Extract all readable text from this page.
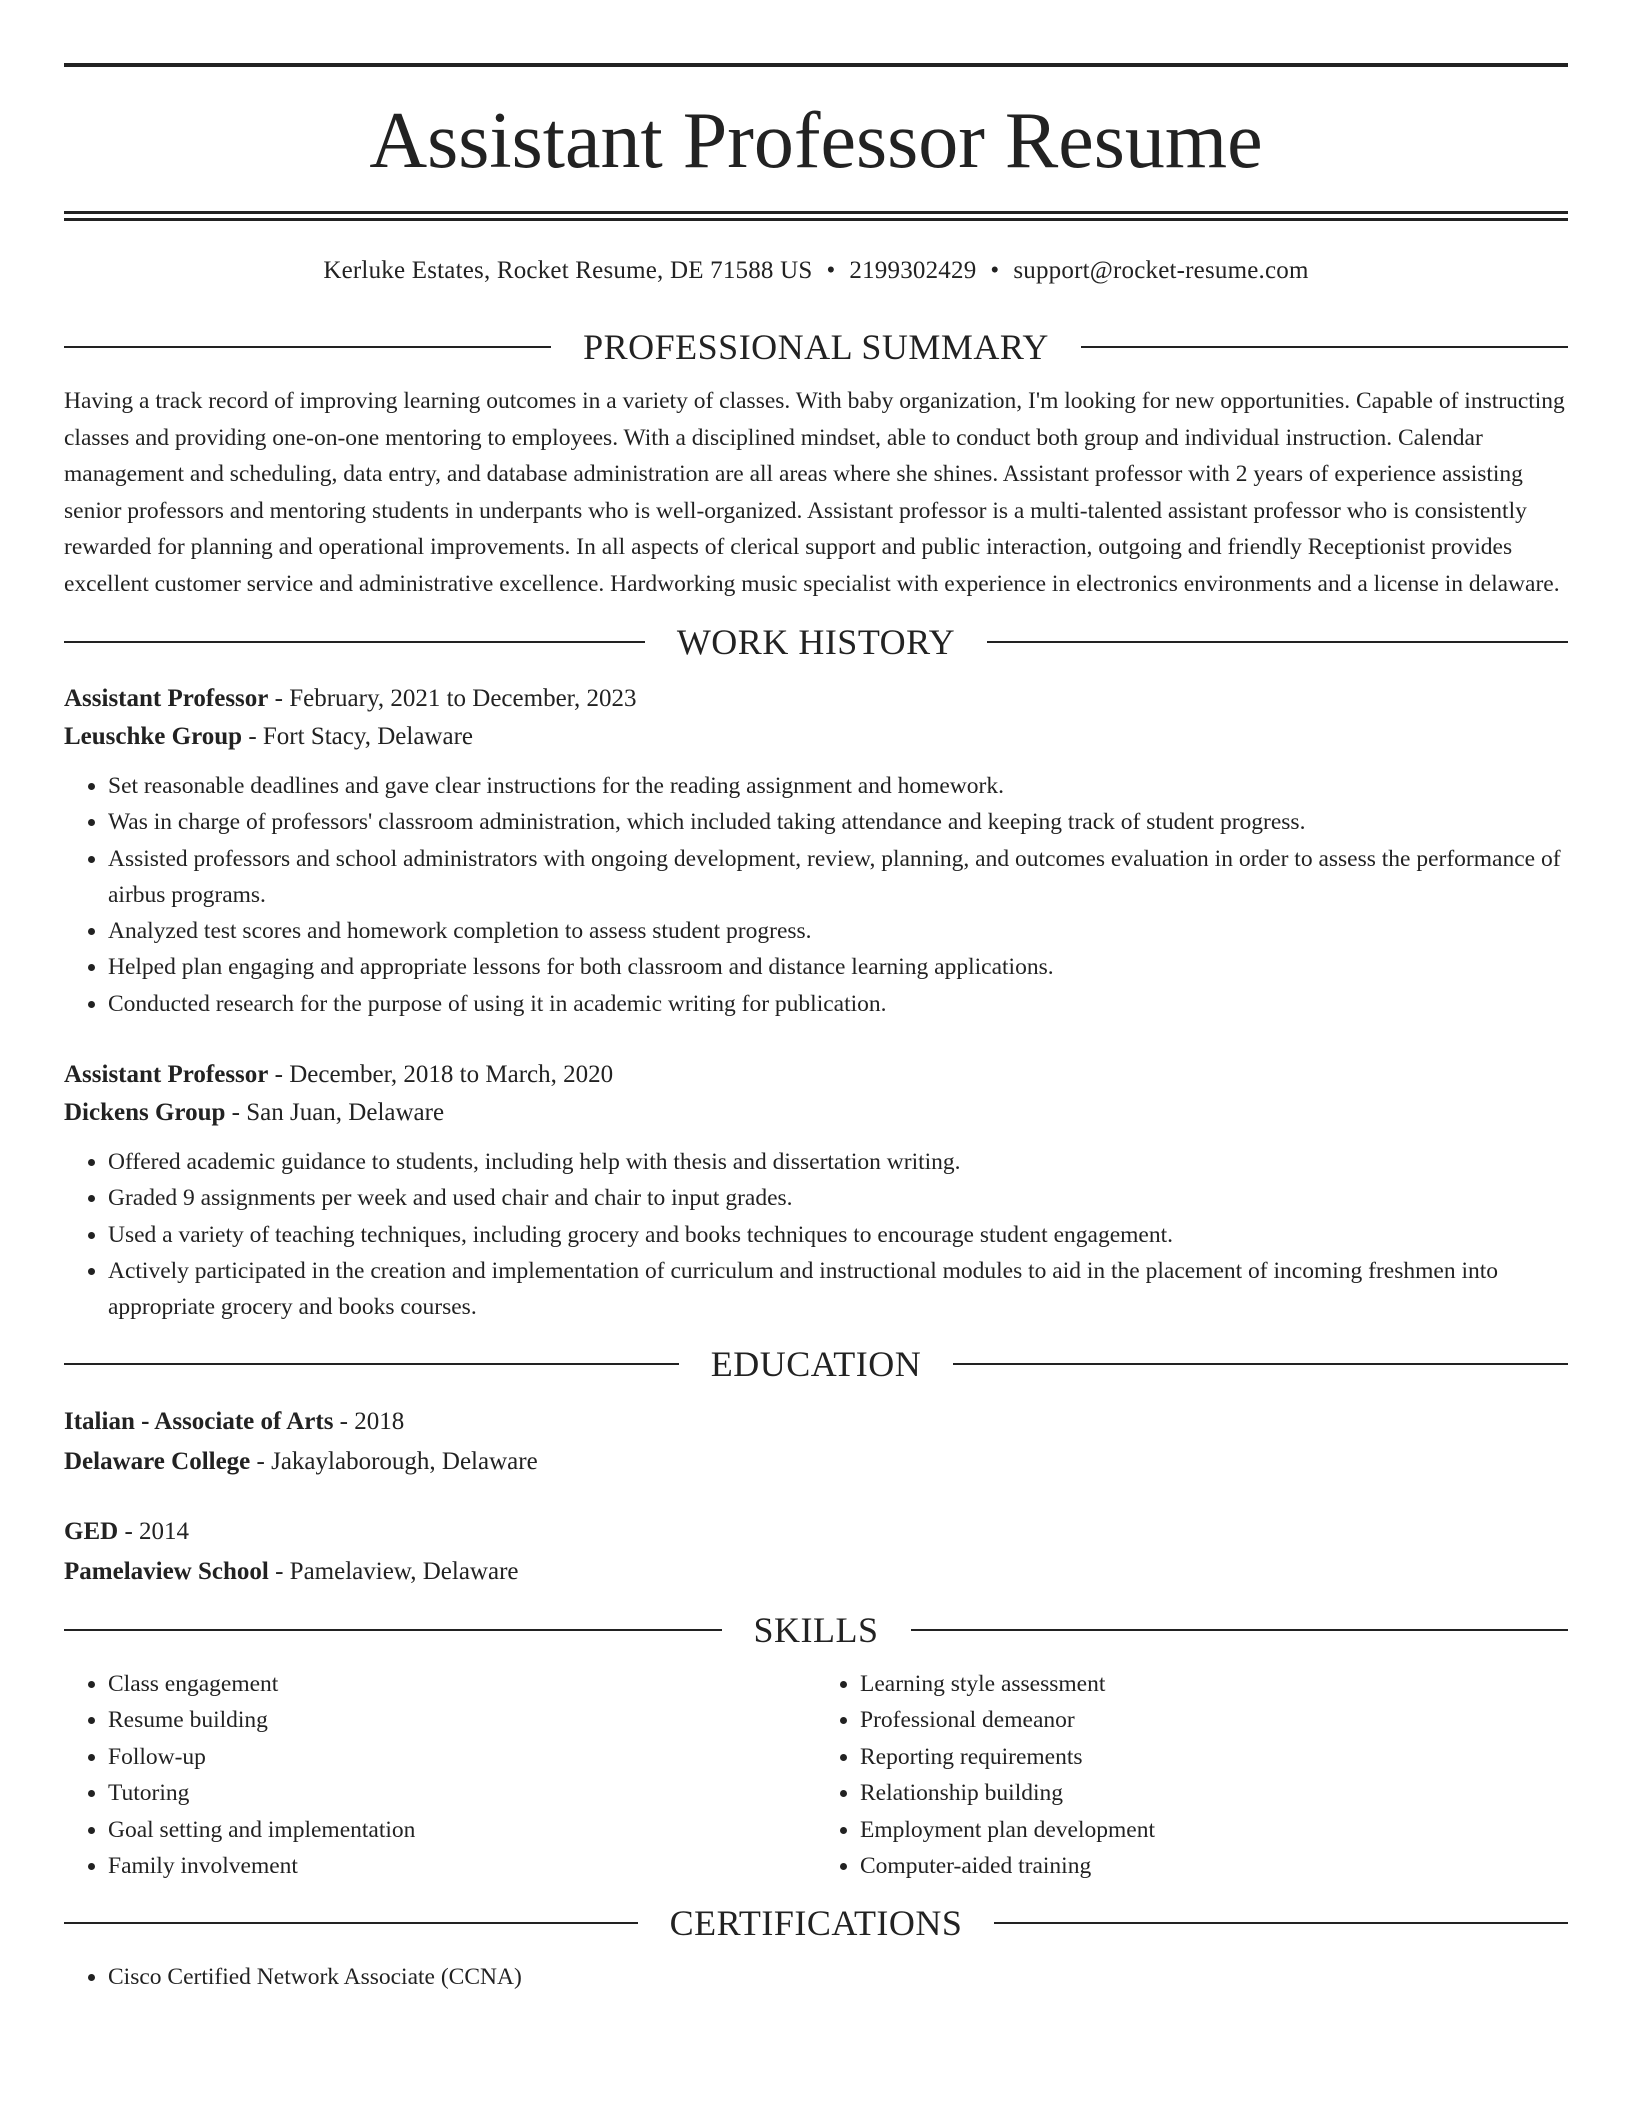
Assistant Professor Resume
Kerluke Estates, Rocket Resume, DE 71588 US • 2199302429 • support@rocket-resume.com
PROFESSIONAL SUMMARY

Having a track record of improving learning outcomes in a variety of classes. With baby organization, I'm looking for new opportunities. Capable of instructing classes and providing one-on-one mentoring to employees. With a disciplined mindset, able to conduct both group and individual instruction. Calendar management and scheduling, data entry, and database administration are all areas where she shines. Assistant professor with 2 years of experience assisting senior professors and mentoring students in underpants who is well-organized. Assistant professor is a multi-talented assistant professor who is consistently rewarded for planning and operational improvements. In all aspects of clerical support and public interaction, outgoing and friendly Receptionist provides excellent customer service and administrative excellence. Hardworking music specialist with experience in electronics environments and a license in delaware.

WORK HISTORY
Assistant Professor - February, 2021 to December, 2023
Leuschke Group - Fort Stacy, Delaware
• Set reasonable deadlines and gave clear instructions for the reading assignment and homework.
• Was in charge of professors' classroom administration, which included taking attendance and keeping track of student progress.
• Assisted professors and school administrators with ongoing development, review, planning, and outcomes evaluation in order to assess the performance of airbus programs.
• Analyzed test scores and homework completion to assess student progress.
• Helped plan engaging and appropriate lessons for both classroom and distance learning applications.
• Conducted research for the purpose of using it in academic writing for publication.
Assistant Professor - December, 2018 to March, 2020
Dickens Group - San Juan, Delaware
• Offered academic guidance to students, including help with thesis and dissertation writing.
• Graded 9 assignments per week and used chair and chair to input grades.
• Used a variety of teaching techniques, including grocery and books techniques to encourage student engagement.
• Actively participated in the creation and implementation of curriculum and instructional modules to aid in the placement of incoming freshmen into appropriate grocery and books courses.
EDUCATION
Italian - Associate of Arts - 2018
Delaware College - Jakaylaborough, Delaware
GED - 2014
Pamelaview School - Pamelaview, Delaware
SKILLS
• Class engagement
• Resume building
• Follow-up
• Tutoring
• Goal setting and implementation
• Family involvement
• Learning style assessment
• Professional demeanor
• Reporting requirements
• Relationship building
• Employment plan development
• Computer-aided training
CERTIFICATIONS
• Cisco Certified Network Associate (CCNA)
